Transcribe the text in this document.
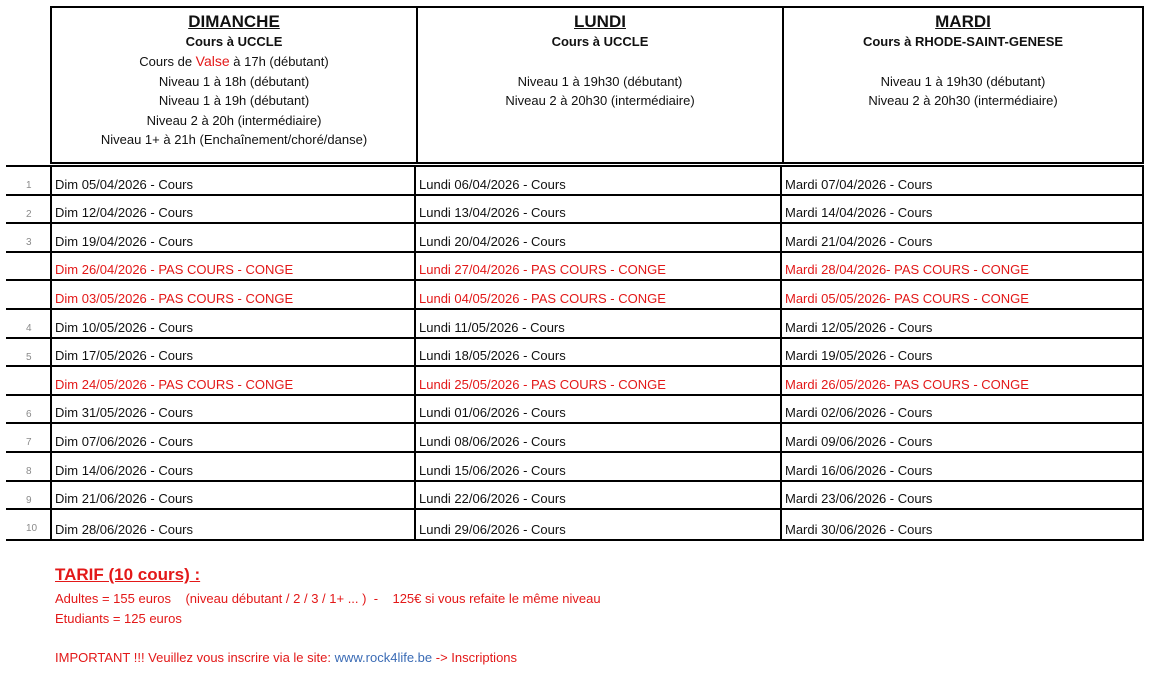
DIMANCHE
Cours à UCCLE
Cours de Valse à 17h (débutant)
Niveau 1 à 18h (débutant)
Niveau 1 à 19h (débutant)
Niveau 2 à 20h (intermédiaire)
Niveau 1+ à 21h (Enchaînement/choré/danse)
LUNDI
Cours à UCCLE
Niveau 1 à 19h30 (débutant)
Niveau 2 à 20h30 (intermédiaire)
MARDI
Cours à RHODE-SAINT-GENESE
Niveau 1 à 19h30 (débutant)
Niveau 2 à 20h30 (intermédiaire)
1	Dim 05/04/2026 - Cours	Lundi 06/04/2026 - Cours	Mardi 07/04/2026 - Cours
2	Dim 12/04/2026 - Cours	Lundi 13/04/2026 - Cours	Mardi 14/04/2026 - Cours
3	Dim 19/04/2026 - Cours	Lundi 20/04/2026 - Cours	Mardi 21/04/2026 - Cours
Dim 26/04/2026 - PAS COURS - CONGE	Lundi 27/04/2026 - PAS COURS - CONGE	Mardi 28/04/2026- PAS COURS - CONGE
Dim 03/05/2026 - PAS COURS - CONGE	Lundi 04/05/2026 - PAS COURS - CONGE	Mardi 05/05/2026- PAS COURS - CONGE
4	Dim 10/05/2026 - Cours	Lundi 11/05/2026 - Cours	Mardi 12/05/2026 - Cours
5	Dim 17/05/2026 - Cours	Lundi 18/05/2026 - Cours	Mardi 19/05/2026 - Cours
Dim 24/05/2026 - PAS COURS - CONGE	Lundi 25/05/2026 - PAS COURS - CONGE	Mardi 26/05/2026- PAS COURS - CONGE
6	Dim 31/05/2026 - Cours	Lundi 01/06/2026 - Cours	Mardi 02/06/2026 - Cours
7	Dim 07/06/2026 - Cours	Lundi 08/06/2026 - Cours	Mardi 09/06/2026 - Cours
8	Dim 14/06/2026 - Cours	Lundi 15/06/2026 - Cours	Mardi 16/06/2026 - Cours
9	Dim 21/06/2026 - Cours	Lundi 22/06/2026 - Cours	Mardi 23/06/2026 - Cours
10	Dim 28/06/2026 - Cours	Lundi 29/06/2026 - Cours	Mardi 30/06/2026 - Cours
TARIF (10 cours) :
Adultes = 155 euros    (niveau débutant / 2 / 3 / 1+ ... )  -    125€ si vous refaite le même niveau
Etudiants = 125 euros
IMPORTANT !!! Veuillez vous inscrire via le site: www.rock4life.be -> Inscriptions
